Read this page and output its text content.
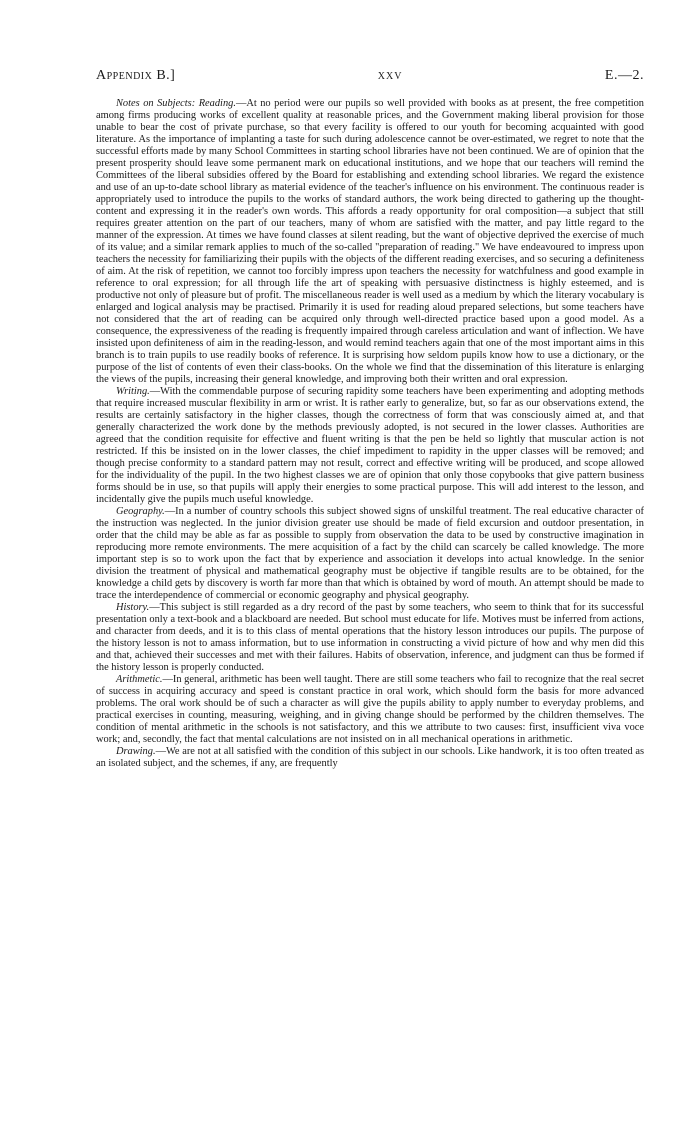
Appendix B.]	xxv	E.—2.

Notes on Subjects: Reading.—At no period were our pupils so well provided with books as at present, the free competition among firms producing works of excellent quality at reasonable prices, and the Government making liberal provision for those unable to bear the cost of private purchase, so that every facility is offered to our youth for becoming acquainted with good literature. As the importance of implanting a taste for such during adolescence cannot be over-estimated, we regret to note that the successful efforts made by many School Committees in starting school libraries have not been continued. We are of opinion that the present prosperity should leave some permanent mark on educational institutions, and we hope that our teachers will remind the Committees of the liberal subsidies offered by the Board for establishing and extending school libraries. We regard the existence and use of an up-to-date school library as material evidence of the teacher's influence on his environment. The continuous reader is appropriately used to introduce the pupils to the works of standard authors, the work being directed to gathering up the thought-content and expressing it in the reader's own words. This affords a ready opportunity for oral composition—a subject that still requires greater attention on the part of our teachers, many of whom are satisfied with the matter, and pay little regard to the manner of the expression. At times we have found classes at silent reading, but the want of objective deprived the exercise of much of its value; and a similar remark applies to much of the so-called "preparation of reading." We have endeavoured to impress upon teachers the necessity for familiarizing their pupils with the objects of the different reading exercises, and so securing a definiteness of aim. At the risk of repetition, we cannot too forcibly impress upon teachers the necessity for watchfulness and good example in reference to oral expression; for all through life the art of speaking with persuasive distinctness is highly esteemed, and is productive not only of pleasure but of profit. The miscellaneous reader is well used as a medium by which the literary vocabulary is enlarged and logical analysis may be practised. Primarily it is used for reading aloud prepared selections, but some teachers have not considered that the art of reading can be acquired only through well-directed practice based upon a good model. As a consequence, the expressiveness of the reading is frequently impaired through careless articulation and want of inflection. We have insisted upon definiteness of aim in the reading-lesson, and would remind teachers again that one of the most important aims in this branch is to train pupils to use readily books of reference. It is surprising how seldom pupils know how to use a dictionary, or the purpose of the list of contents of even their class-books. On the whole we find that the dissemination of this literature is enlarging the views of the pupils, increasing their general knowledge, and improving both their written and oral expression.

Writing.—With the commendable purpose of securing rapidity some teachers have been experimenting and adopting methods that require increased muscular flexibility in arm or wrist. It is rather early to generalize, but, so far as our observations extend, the results are certainly satisfactory in the higher classes, though the correctness of form that was consciously aimed at, and that generally characterized the work done by the methods previously adopted, is not secured in the lower classes. Authorities are agreed that the condition requisite for effective and fluent writing is that the pen be held so lightly that muscular action is not restricted. If this be insisted on in the lower classes, the chief impediment to rapidity in the upper classes will be removed; and though precise conformity to a standard pattern may not result, correct and effective writing will be produced, and scope allowed for the individuality of the pupil. In the two highest classes we are of opinion that only those copybooks that give pattern business forms should be in use, so that pupils will apply their energies to some practical purpose. This will add interest to the lesson, and incidentally give the pupils much useful knowledge.

Geography.—In a number of country schools this subject showed signs of unskilful treatment. The real educative character of the instruction was neglected. In the junior division greater use should be made of field excursion and outdoor presentation, in order that the child may be able as far as possible to supply from observation the data to be used by constructive imagination in reproducing more remote environments. The mere acquisition of a fact by the child can scarcely be called knowledge. The more important step is so to work upon the fact that by experience and association it develops into actual knowledge. In the senior division the treatment of physical and mathematical geography must be objective if tangible results are to be obtained, for the knowledge a child gets by discovery is worth far more than that which is obtained by word of mouth. An attempt should be made to trace the interdependence of commercial or economic geography and physical geography.

History.—This subject is still regarded as a dry record of the past by some teachers, who seem to think that for its successful presentation only a text-book and a blackboard are needed. But school must educate for life. Motives must be inferred from actions, and character from deeds, and it is to this class of mental operations that the history lesson introduces our pupils. The purpose of the history lesson is not to amass information, but to use information in constructing a vivid picture of how and why men did this and that, achieved their successes and met with their failures. Habits of observation, inference, and judgment can thus be formed if the history lesson is properly conducted.

Arithmetic.—In general, arithmetic has been well taught. There are still some teachers who fail to recognize that the real secret of success in acquiring accuracy and speed is constant practice in oral work, which should form the basis for more advanced problems. The oral work should be of such a character as will give the pupils ability to apply number to everyday problems, and practical exercises in counting, measuring, weighing, and in giving change should be performed by the children themselves. The condition of mental arithmetic in the schools is not satisfactory, and this we attribute to two causes: first, insufficient viva voce work; and, secondly, the fact that mental calculations are not insisted on in all mechanical operations in arithmetic.

Drawing.—We are not at all satisfied with the condition of this subject in our schools. Like handwork, it is too often treated as an isolated subject, and the schemes, if any, are frequently
